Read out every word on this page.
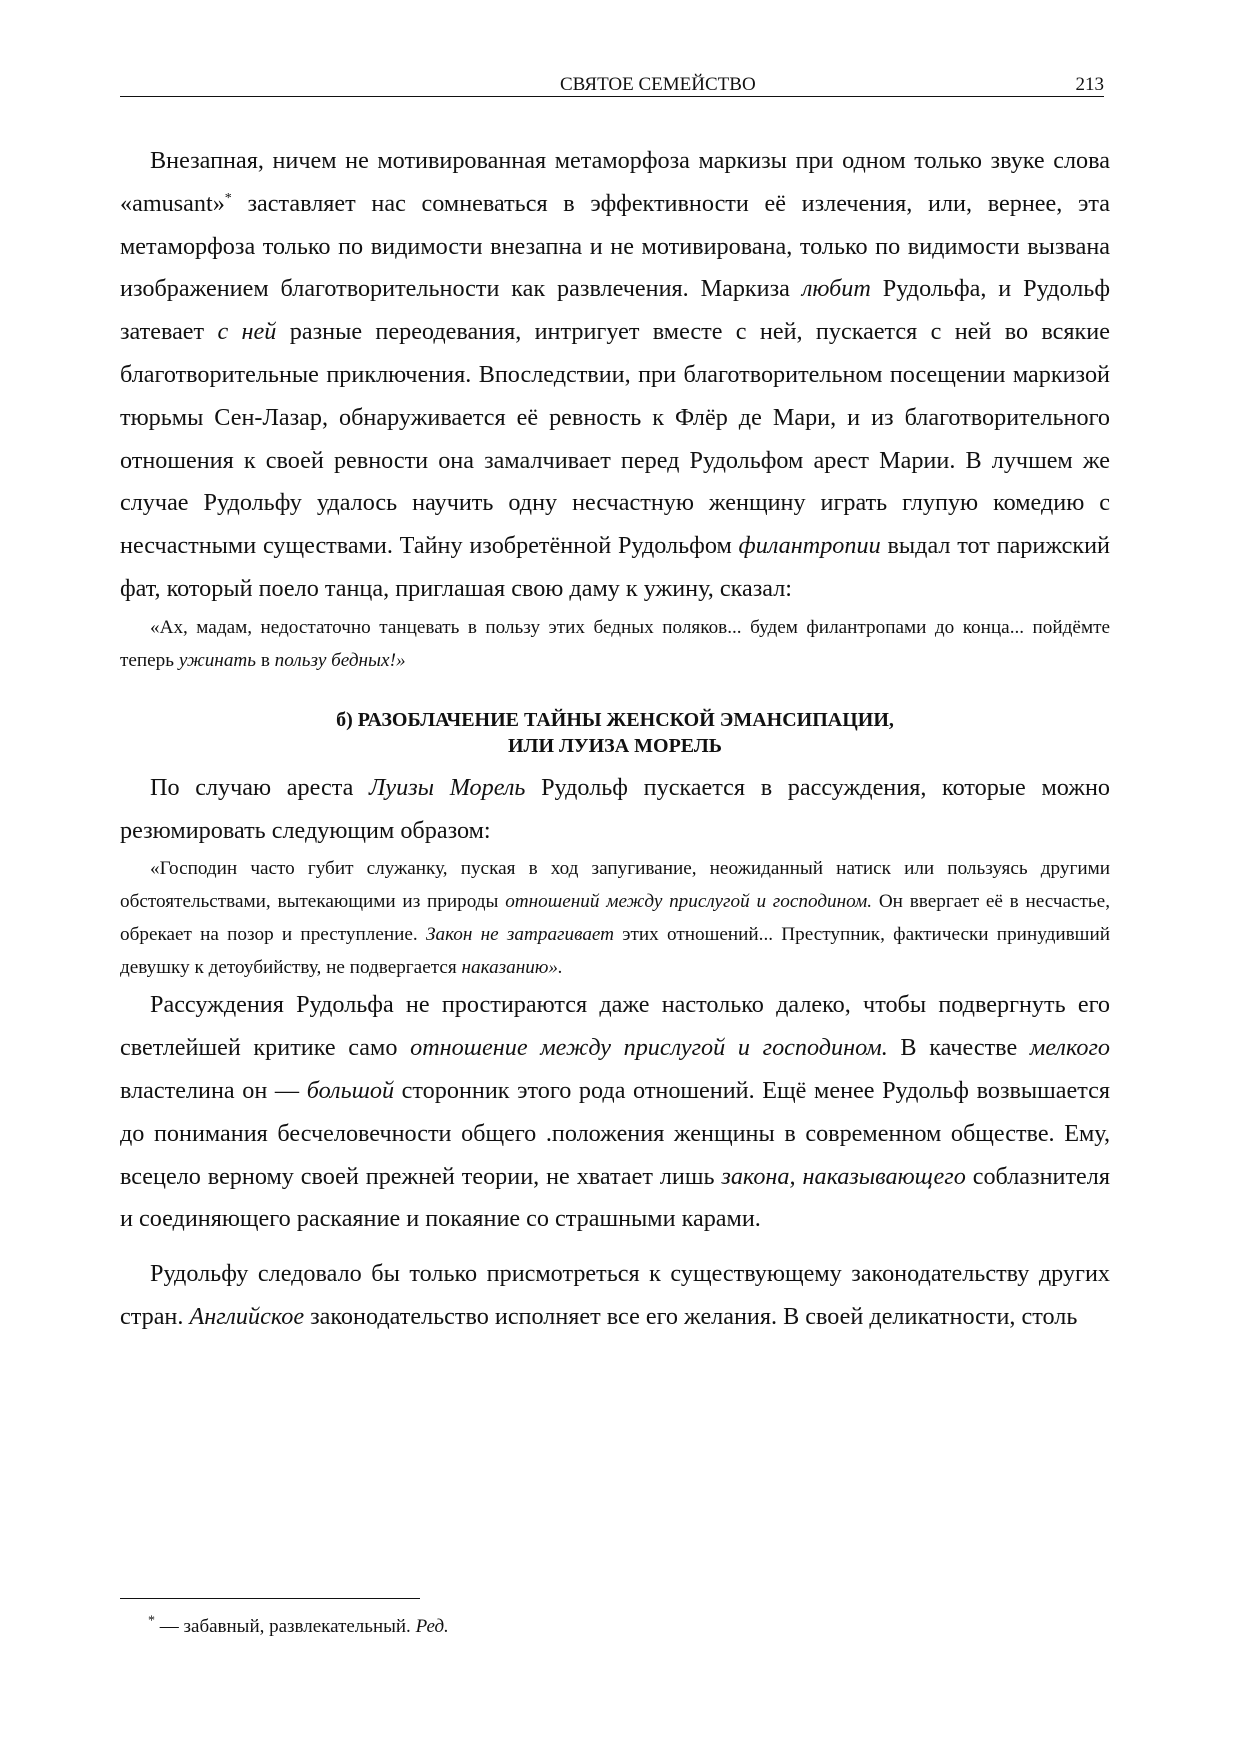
СВЯТОЕ СЕМЕЙСТВО	213

Внезапная, ничем не мотивированная метаморфоза маркизы при одном только звуке слова «amusant»* заставляет нас сомневаться в эффективности её излечения, или, вернее, эта метаморфоза только по видимости внезапна и не мотивирована, только по видимости вызвана изображением благотворительности как развлечения. Маркиза любит Рудольфа, и Рудольф затевает с ней разные переодевания, интригует вместе с ней, пускается с ней во всякие благотворительные приключения. Впоследствии, при благотворительном посещении маркизой тюрьмы Сен-Лазар, обнаруживается её ревность к Флёр де Мари, и из благотворительного отношения к своей ревности она замалчивает перед Рудольфом арест Марии. В лучшем же случае Рудольфу удалось научить одну несчастную женщину играть глупую комедию с несчастными существами. Тайну изобретённой Рудольфом филантропии выдал тот парижский фат, который поело танца, приглашая свою даму к ужину, сказал:

«Ах, мадам, недостаточно танцевать в пользу этих бедных поляков... будем филантропами до конца... пойдёмте теперь ужинать в пользу бедных!»

б) РАЗОБЛАЧЕНИЕ ТАЙНЫ ЖЕНСКОЙ ЭМАНСИПАЦИИ,
ИЛИ ЛУИЗА МОРЕЛЬ

По случаю ареста Луизы Морель Рудольф пускается в рассуждения, которые можно резюмировать следующим образом:

«Господин часто губит служанку, пуская в ход запугивание, неожиданный натиск или пользуясь другими обстоятельствами, вытекающими из природы отношений между прислугой и господином. Он ввергает её в несчастье, обрекает на позор и преступление. Закон не затрагивает этих отношений... Преступник, фактически принудивший девушку к детоубийству, не подвергается наказанию».

Рассуждения Рудольфа не простираются даже настолько далеко, чтобы подвергнуть его светлейшей критике само отношение между прислугой и господином. В качестве мелкого властелина он — большой сторонник этого рода отношений. Ещё менее Рудольф возвышается до понимания бесчеловечности общего .положения женщины в современном обществе. Ему, всецело верному своей прежней теории, не хватает лишь закона, наказывающего соблазнителя и соединяющего раскаяние и покаяние со страшными карами.

Рудольфу следовало бы только присмотреться к существующему законодательству других стран. Английское законодательство исполняет все его желания. В своей деликатности, столь

* — забавный, развлекательный. Ред.
